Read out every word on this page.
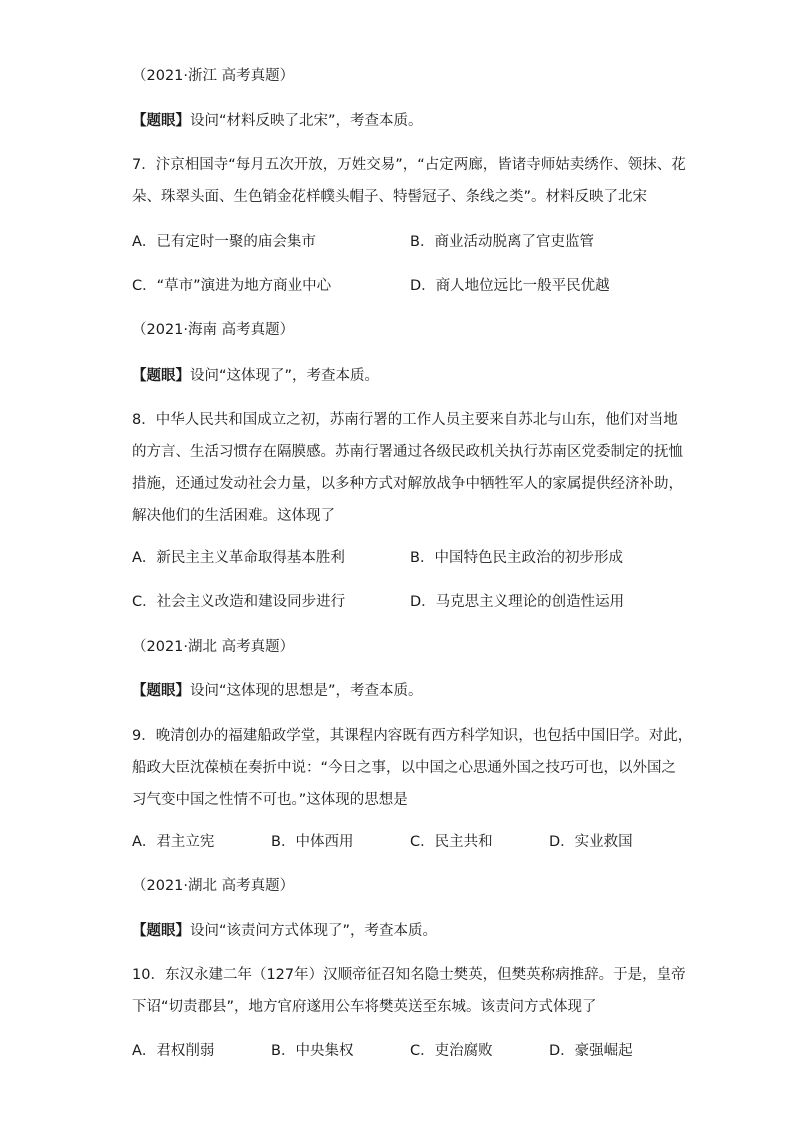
（2021·浙江 高考真题）
【题眼】设问“材料反映了北宋”，考查本质。
7．汴京相国寺“每月五次开放，万姓交易”，“占定两廊，皆诸寺师姑卖绣作、领抹、花
朵、珠翠头面、生色销金花样幞头帽子、特髻冠子、条线之类”。材料反映了北宋
A．已有定时一聚的庙会集市	B．商业活动脱离了官吏监管
C．“草市”演进为地方商业中心	D．商人地位远比一般平民优越
（2021·海南 高考真题）
【题眼】设问“这体现了”，考查本质。
8．中华人民共和国成立之初，苏南行署的工作人员主要来自苏北与山东，他们对当地
的方言、生活习惯存在隔膜感。苏南行署通过各级民政机关执行苏南区党委制定的抚恤
措施，还通过发动社会力量，以多种方式对解放战争中牺牲军人的家属提供经济补助，
解决他们的生活困难。这体现了
A．新民主主义革命取得基本胜利	B．中国特色民主政治的初步形成
C．社会主义改造和建设同步进行	D．马克思主义理论的创造性运用
（2021·湖北 高考真题）
【题眼】设问“这体现的思想是”，考查本质。
9．晚清创办的福建船政学堂，其课程内容既有西方科学知识，也包括中国旧学。对此，
船政大臣沈葆桢在奏折中说：“今日之事，以中国之心思通外国之技巧可也，以外国之
习气变中国之性情不可也。”这体现的思想是
A．君主立宪	B．中体西用	C．民主共和	D．实业救国
（2021·湖北 高考真题）
【题眼】设问“该责问方式体现了”，考查本质。
10．东汉永建二年（127年）汉顺帝征召知名隐士樊英，但樊英称病推辞。于是，皇帝
下诏“切责郡县”，地方官府遂用公车将樊英送至东城。该责问方式体现了
A．君权削弱	B．中央集权	C．吏治腐败	D．豪强崛起
